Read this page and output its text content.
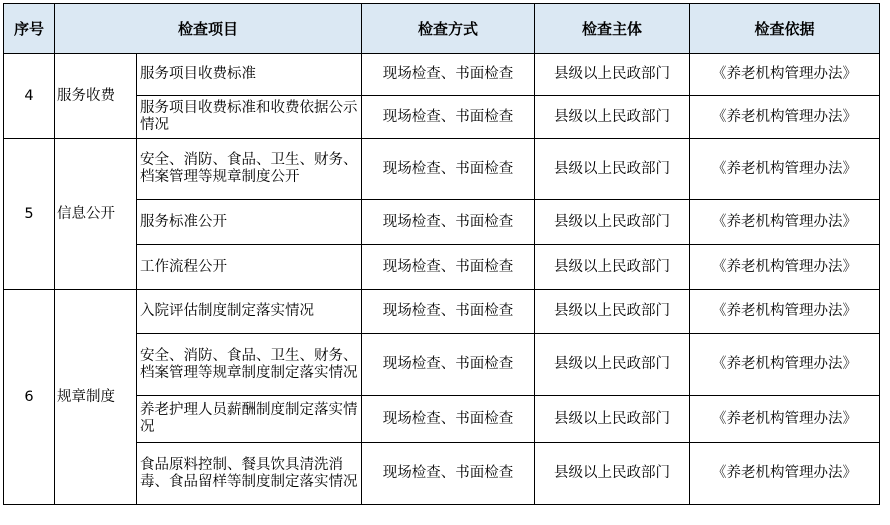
序号	检查项目		检查方式	检查主体	检查依据
4	服务收费	服务项目收费标准	现场检查、书面检查	县级以上民政部门	《养老机构管理办法》
		服务项目收费标准和收费依据公示情况	现场检查、书面检查	县级以上民政部门	《养老机构管理办法》
5	信息公开	安全、消防、食品、卫生、财务、档案管理等规章制度公开	现场检查、书面检查	县级以上民政部门	《养老机构管理办法》
		服务标准公开	现场检查、书面检查	县级以上民政部门	《养老机构管理办法》
		工作流程公开	现场检查、书面检查	县级以上民政部门	《养老机构管理办法》
6	规章制度	入院评估制度制定落实情况	现场检查、书面检查	县级以上民政部门	《养老机构管理办法》
		安全、消防、食品、卫生、财务、档案管理等规章制度制定落实情况	现场检查、书面检查	县级以上民政部门	《养老机构管理办法》
		养老护理人员薪酬制度制定落实情况	现场检查、书面检查	县级以上民政部门	《养老机构管理办法》
		食品原料控制、餐具饮具清洗消毒、食品留样等制度制定落实情况	现场检查、书面检查	县级以上民政部门	《养老机构管理办法》
